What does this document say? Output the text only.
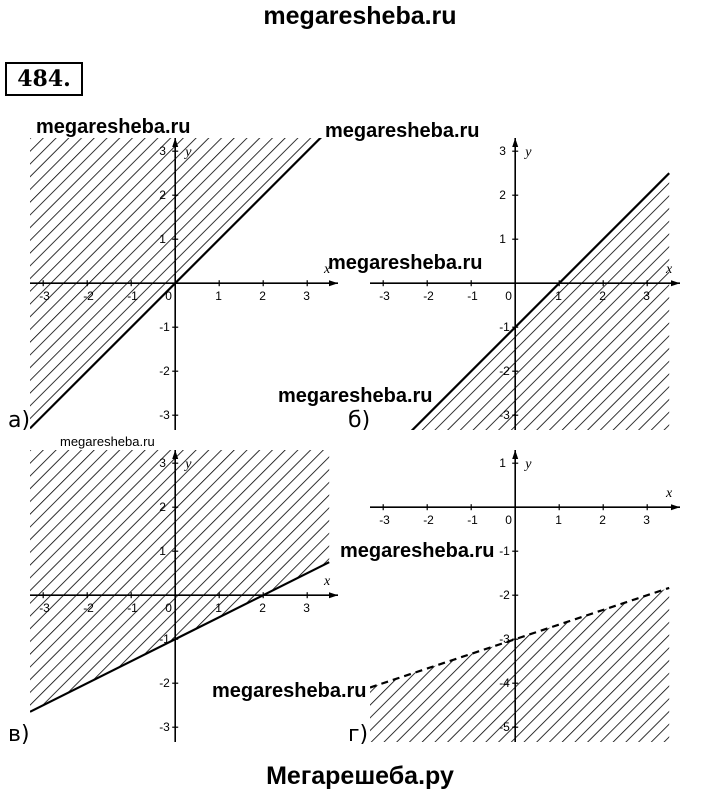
megaresheba.ru
484.
-3	-2	-1 0	1	2	3
-3
-2
-1
1
2
3
x
y
-3	-2	-1 0	1	2	3
-3
-2
-1
1
2
3
x
y
-3	-2	-1 0	1	2	3
-3
-2
-1
1
2
3
x
y
-3	-2	-1 0	1	2	3
-5
-4
-3
-2
-1
1
x
y
а)	б)
в)	г)
megaresheba.ru	megaresheba.ru
megaresheba.ru
megaresheba.ru
megaresheba.ru
megaresheba.ru
megaresheba.ru
Мегарешеба.ру
